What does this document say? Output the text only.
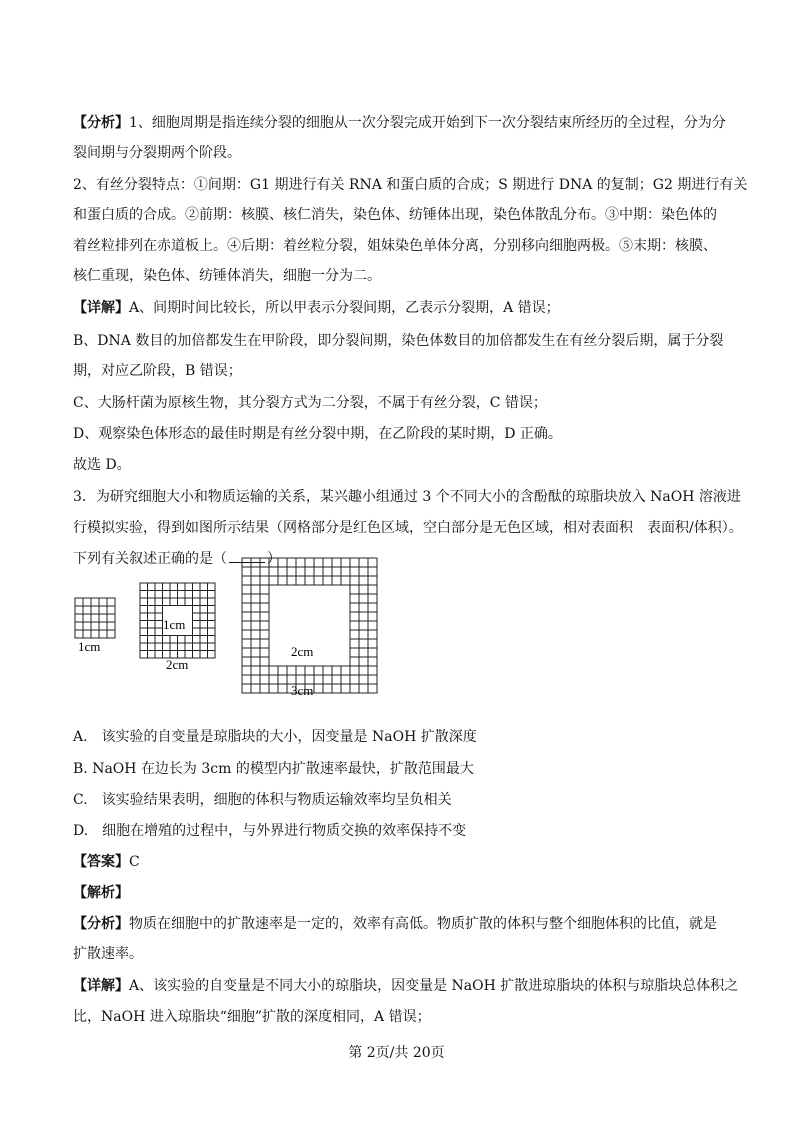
【分析】1、细胞周期是指连续分裂的细胞从一次分裂完成开始到下一次分裂结束所经历的全过程，分为分
裂间期与分裂期两个阶段。
2、有丝分裂特点：①间期：G1 期进行有关 RNA 和蛋白质的合成；S 期进行 DNA 的复制；G2 期进行有关
和蛋白质的合成。②前期：核膜、核仁消失，染色体、纺锤体出现，染色体散乱分布。③中期：染色体的
着丝粒排列在赤道板上。④后期：着丝粒分裂，姐妹染色单体分离，分别移向细胞两极。⑤末期：核膜、
核仁重现，染色体、纺锤体消失，细胞一分为二。
【详解】A、间期时间比较长，所以甲表示分裂间期，乙表示分裂期，A 错误；
B、DNA 数目的加倍都发生在甲阶段，即分裂间期，染色体数目的加倍都发生在有丝分裂后期，属于分裂
期，对应乙阶段，B 错误；
C、大肠杆菌为原核生物，其分裂方式为二分裂，不属于有丝分裂，C 错误；
D、观察染色体形态的最佳时期是有丝分裂中期，在乙阶段的某时期，D 正确。
故选 D。
3．为研究细胞大小和物质运输的关系，某兴趣小组通过 3 个不同大小的含酚酞的琼脂块放入 NaOH 溶液进
行模拟实验，得到如图所示结果（网格部分是红色区域，空白部分是无色区域，相对表面积　表面积/体积）。
下列有关叙述正确的是（	）
1cm
1cm
2cm
2cm
3cm
A.　该实验的自变量是琼脂块的大小，因变量是 NaOH 扩散深度
B. NaOH 在边长为 3cm 的模型内扩散速率最快，扩散范围最大
C.　该实验结果表明，细胞的体积与物质运输效率均呈负相关
D.　细胞在增殖的过程中，与外界进行物质交换的效率保持不变
【答案】C
【解析】
【分析】物质在细胞中的扩散速率是一定的，效率有高低。物质扩散的体积与整个细胞体积的比值，就是
扩散速率。
【详解】A、该实验的自变量是不同大小的琼脂块，因变量是 NaOH 扩散进琼脂块的体积与琼脂块总体积之
比，NaOH 进入琼脂块“细胞”扩散的深度相同，A 错误；
第 2页/共 20页
